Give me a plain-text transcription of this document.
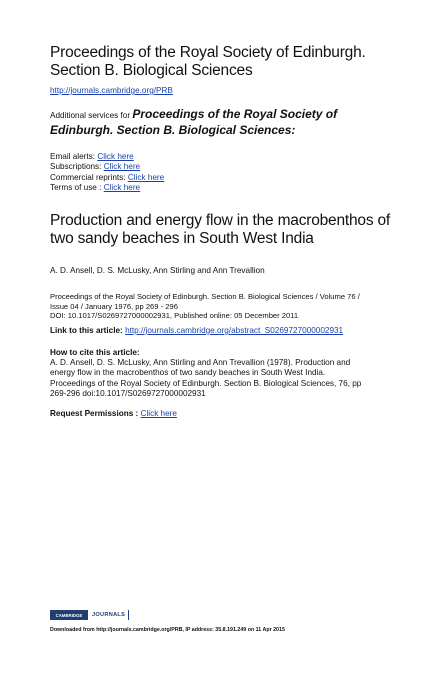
Proceedings of the Royal Society of Edinburgh.
Section B. Biological Sciences
http://journals.cambridge.org/PRB
Additional services for Proceedings of the Royal Society of
Edinburgh. Section B. Biological Sciences:
Email alerts: Click here
Subscriptions: Click here
Commercial reprints: Click here
Terms of use : Click here
Production and energy flow in the macrobenthos of
two sandy beaches in South West India
A. D. Ansell, D. S. McLusky, Ann Stirling and Ann Trevallion
Proceedings of the Royal Society of Edinburgh. Section B. Biological Sciences / Volume 76 /
Issue 04 / January 1976, pp 269 - 296
DOI: 10.1017/S0269727000002931, Published online: 05 December 2011
Link to this article: http://journals.cambridge.org/abstract_S0269727000002931
How to cite this article:
A. D. Ansell, D. S. McLusky, Ann Stirling and Ann Trevallion (1978). Production and
energy flow in the macrobenthos of two sandy beaches in South West India.
Proceedings of the Royal Society of Edinburgh. Section B. Biological Sciences, 76, pp
269-296 doi:10.1017/S0269727000002931
Request Permissions : Click here
CAMBRIDGE	JOURNALS
Downloaded from http://journals.cambridge.org/PRB, IP address: 35.8.191.249 on 11 Apr 2015
